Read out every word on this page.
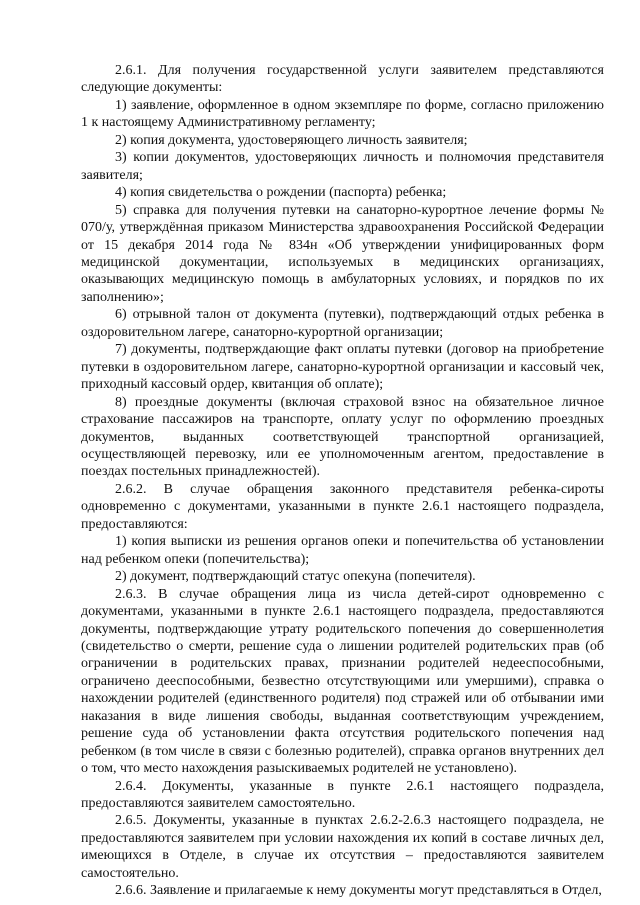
2.6.1. Для получения государственной услуги заявителем представляются следующие документы:

1) заявление, оформленное в одном экземпляре по форме, согласно приложению 1 к настоящему Административному регламенту;

2) копия документа, удостоверяющего личность заявителя;

3) копии документов, удостоверяющих личность и полномочия представителя заявителя;

4) копия свидетельства о рождении (паспорта) ребенка;

5) справка для получения путевки на санаторно-курортное лечение формы № 070/у, утверждённая приказом Министерства здравоохранения Российской Федерации от 15 декабря 2014 года № 834н «Об утверждении унифицированных форм медицинской документации, используемых в медицинских организациях, оказывающих медицинскую помощь в амбулаторных условиях, и порядков по их заполнению»;

6) отрывной талон от документа (путевки), подтверждающий отдых ребенка в оздоровительном лагере, санаторно-курортной организации;

7) документы, подтверждающие факт оплаты путевки (договор на приобретение путевки в оздоровительном лагере, санаторно-курортной организации и кассовый чек, приходный кассовый ордер, квитанция об оплате);

8) проездные документы (включая страховой взнос на обязательное личное страхование пассажиров на транспорте, оплату услуг по оформлению проездных документов, выданных соответствующей транспортной организацией, осуществляющей перевозку, или ее уполномоченным агентом, предоставление в поездах постельных принадлежностей).

2.6.2. В случае обращения законного представителя ребенка-сироты одновременно с документами, указанными в пункте 2.6.1 настоящего подраздела, предоставляются:

1) копия выписки из решения органов опеки и попечительства об установлении над ребенком опеки (попечительства);

2) документ, подтверждающий статус опекуна (попечителя).

2.6.3. В случае обращения лица из числа детей-сирот одновременно с документами, указанными в пункте 2.6.1 настоящего подраздела, предоставляются документы, подтверждающие утрату родительского попечения до совершеннолетия (свидетельство о смерти, решение суда о лишении родителей родительских прав (об ограничении в родительских правах, признании родителей недееспособными, ограничено дееспособными, безвестно отсутствующими или умершими), справка о нахождении родителей (единственного родителя) под стражей или об отбывании ими наказания в виде лишения свободы, выданная соответствующим учреждением, решение суда об установлении факта отсутствия родительского попечения над ребенком (в том числе в связи с болезнью родителей), справка органов внутренних дел о том, что место нахождения разыскиваемых родителей не установлено).

2.6.4. Документы, указанные в пункте 2.6.1 настоящего подраздела, предоставляются заявителем самостоятельно.

2.6.5. Документы, указанные в пунктах 2.6.2-2.6.3 настоящего подраздела, не предоставляются заявителем при условии нахождения их копий в составе личных дел, имеющихся в Отделе, в случае их отсутствия – предоставляются заявителем самостоятельно.

2.6.6. Заявление и прилагаемые к нему документы могут представляться в Отдел,
